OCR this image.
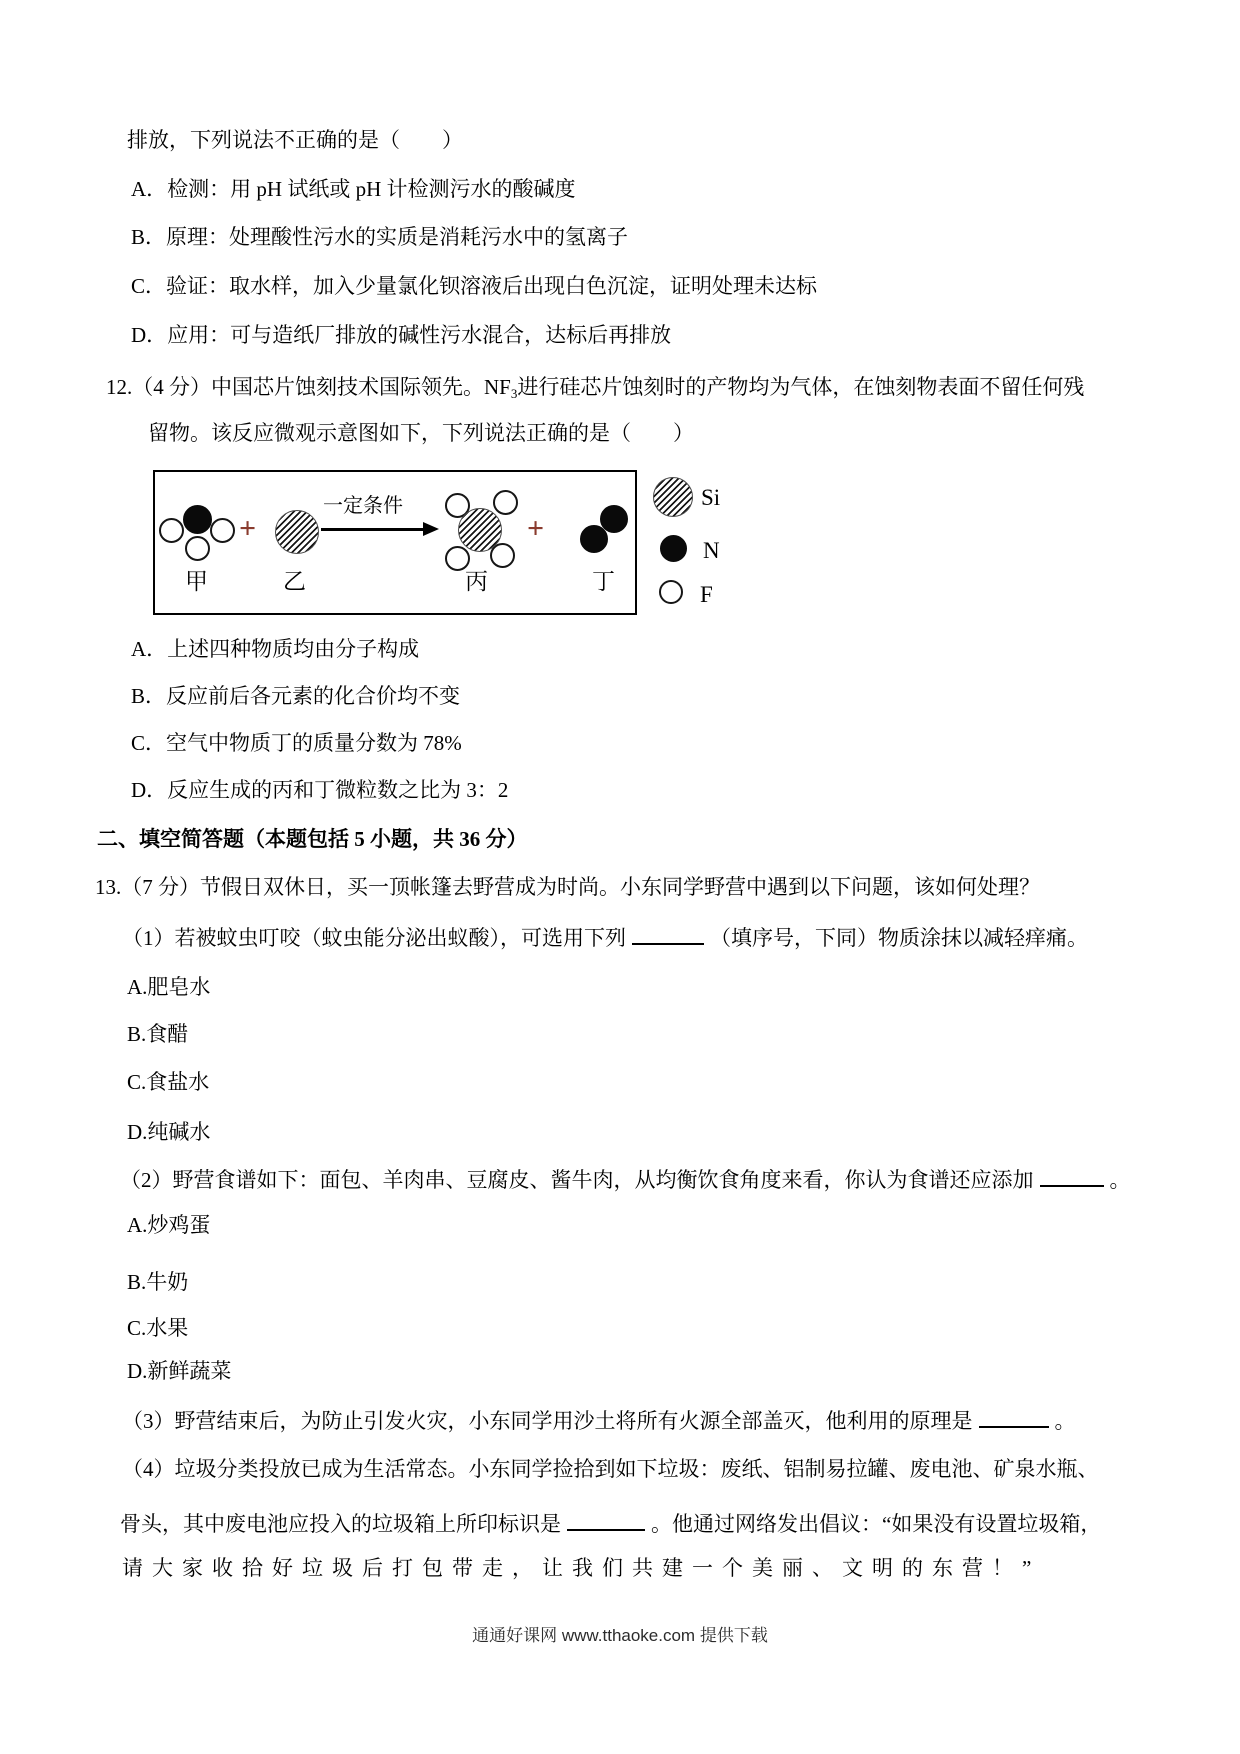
排放，下列说法不正确的是（　　）
A．检测：用 pH 试纸或 pH 计检测污水的酸碱度
B．原理：处理酸性污水的实质是消耗污水中的氢离子
C．验证：取水样，加入少量氯化钡溶液后出现白色沉淀，证明处理未达标
D．应用：可与造纸厂排放的碱性污水混合，达标后再排放
12.（4 分）中国芯片蚀刻技术国际领先。$NF_3$进行硅芯片蚀刻时的产物均为气体，在蚀刻物表面不留任何残
留物。该反应微观示意图如下，下列说法正确的是（　　）
甲
+
乙
一定条件
丙
+
丁
Si
N
F
A．上述四种物质均由分子构成
B．反应前后各元素的化合价均不变
C．空气中物质丁的质量分数为 78%
D．反应生成的丙和丁微粒数之比为 3：2
二、填空简答题（本题包括 5 小题，共 36 分）
13.（7 分）节假日双休日，买一顶帐篷去野营成为时尚。小东同学野营中遇到以下问题，该如何处理？
（1）若被蚊虫叮咬（蚊虫能分泌出蚁酸），可选用下列	（填序号，下同）物质涂抹以减轻痒痛。
A.肥皂水
B.食醋
C.食盐水
D.纯碱水
（2）野营食谱如下：面包、羊肉串、豆腐皮、酱牛肉，从均衡饮食角度来看，你认为食谱还应添加	。
A.炒鸡蛋
B.牛奶
C.水果
D.新鲜蔬菜
（3）野营结束后，为防止引发火灾，小东同学用沙土将所有火源全部盖灭，他利用的原理是	。
（4）垃圾分类投放已成为生活常态。小东同学捡拾到如下垃圾：废纸、铝制易拉罐、废电池、矿泉水瓶、
骨头，其中废电池应投入的垃圾箱上所印标识是	。他通过网络发出倡议：“如果没有设置垃圾箱，
请大家收拾好垃圾后打包带走，让我们共建一个美丽、文明的东营！”
通通好课网 www.tthaoke.com 提供下载
